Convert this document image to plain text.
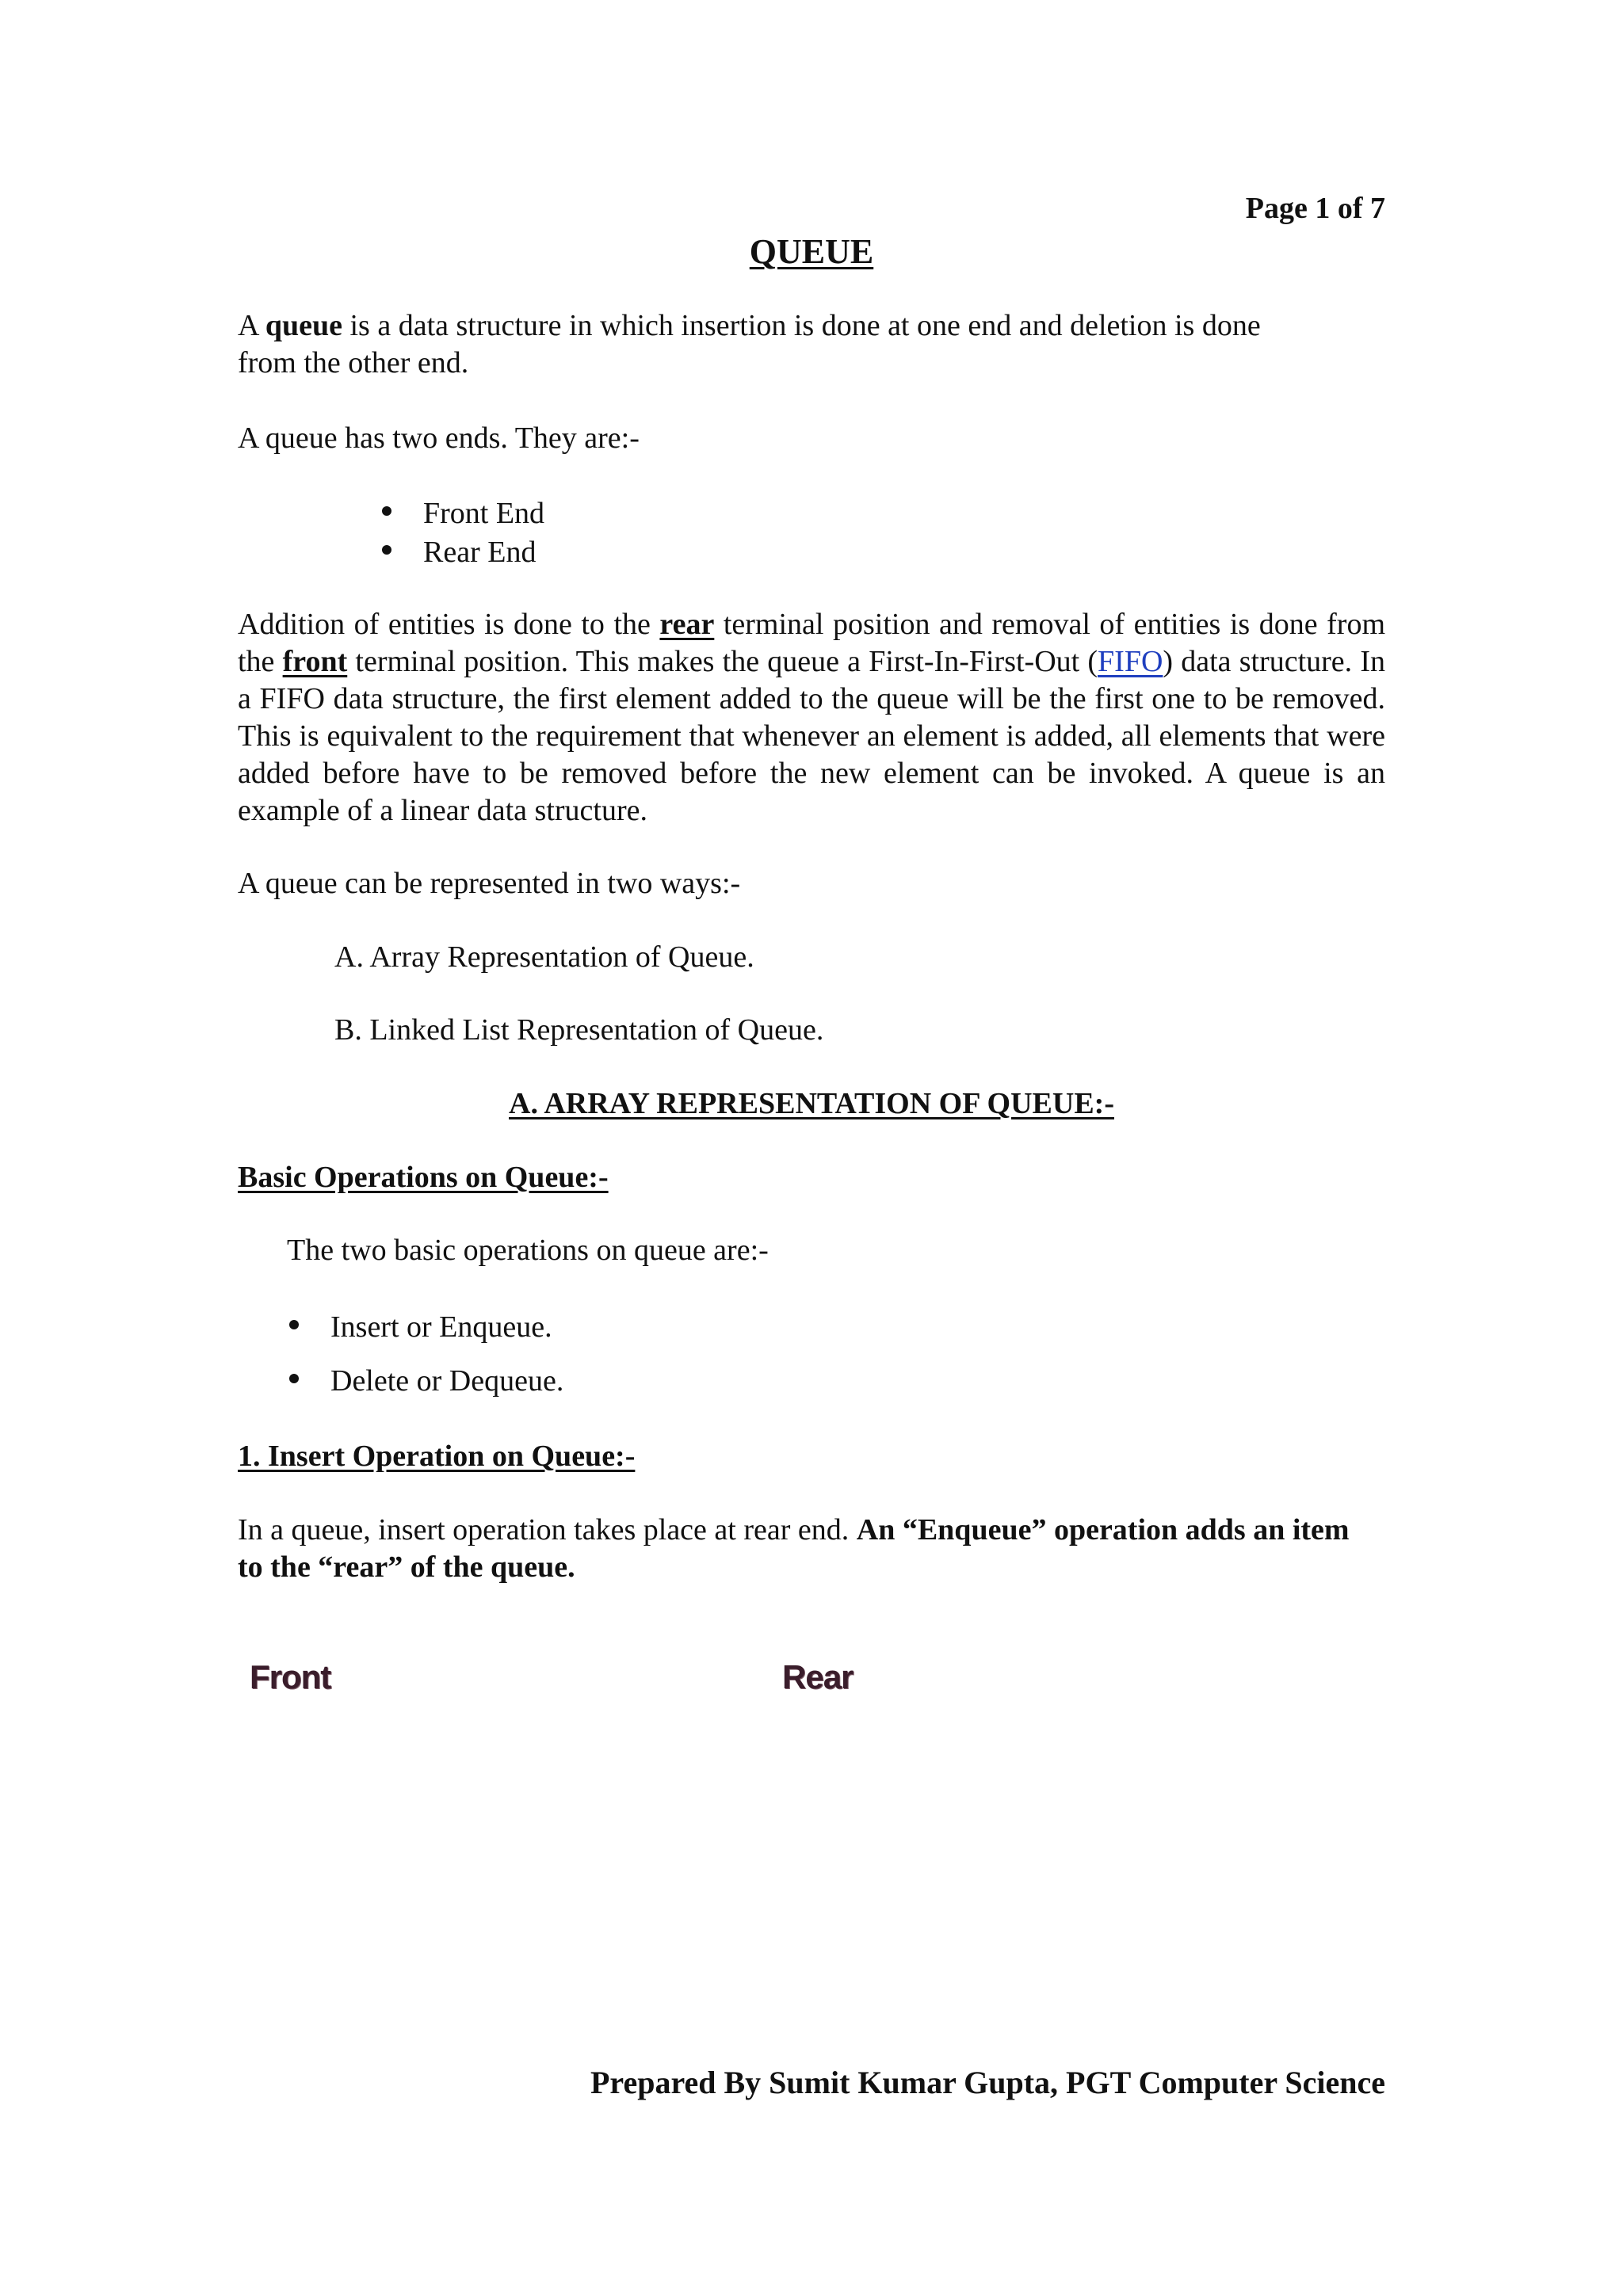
Page 1 of 7
QUEUE

A queue is a data structure in which insertion is done at one end and deletion is done from the other end.

A queue has two ends. They are:-

Front End
Rear End

Addition of entities is done to the rear terminal position and removal of entities is done from the front terminal position. This makes the queue a First-In-First-Out (FIFO) data structure. In a FIFO data structure, the first element added to the queue will be the first one to be removed. This is equivalent to the requirement that whenever an element is added, all elements that were added before have to be removed before the new element can be invoked. A queue is an example of a linear data structure.

A queue can be represented in two ways:-

A. Array Representation of Queue.

B. Linked List Representation of Queue.

A. ARRAY REPRESENTATION OF QUEUE:-
Basic Operations on Queue:-

The two basic operations on queue are:-

Insert or Enqueue.
Delete or Dequeue.
1. Insert Operation on Queue:-

In a queue, insert operation takes place at rear end. An “Enqueue” operation adds an item to the “rear” of the queue.

Front	Rear
Prepared By Sumit Kumar Gupta, PGT Computer Science
